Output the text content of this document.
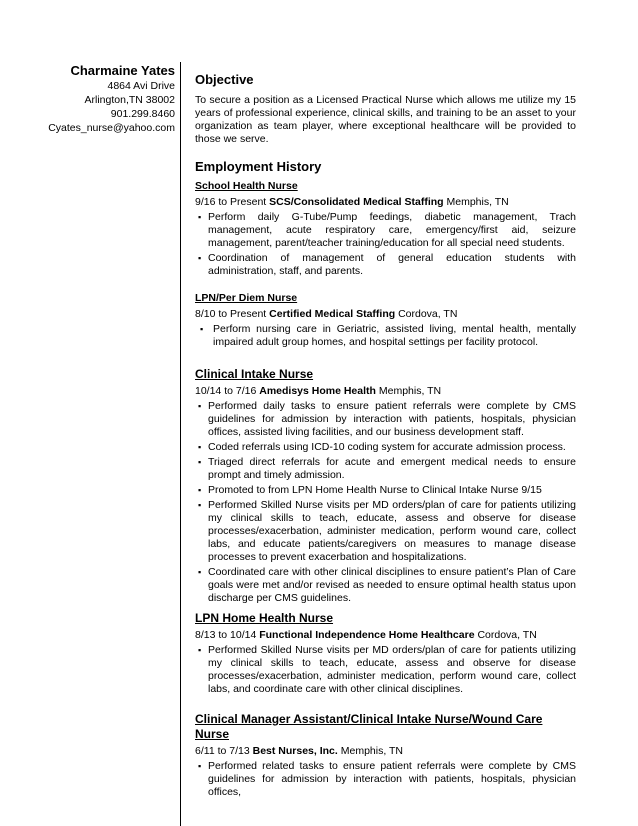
Charmaine Yates
4864 Avi Drive
Arlington,TN 38002
901.299.8460
Cyates_nurse@yahoo.com
Objective
To secure a position as a Licensed Practical Nurse which allows me utilize my 15 years of professional experience, clinical skills, and training to be an asset to your organization as team player, where exceptional healthcare will be provided to those we serve.
Employment History
School Health Nurse
9/16 to Present SCS/Consolidated Medical Staffing Memphis, TN
▪ Perform daily G-Tube/Pump feedings, diabetic management, Trach management, acute respiratory care, emergency/first aid, seizure management, parent/teacher training/education for all special need students.
▪ Coordination of management of general education students with administration, staff, and parents.
LPN/Per Diem Nurse
8/10 to Present Certified Medical Staffing Cordova, TN
▪ Perform nursing care in Geriatric, assisted living, mental health, mentally impaired adult group homes, and hospital settings per facility protocol.
Clinical Intake Nurse
10/14 to 7/16 Amedisys Home Health Memphis, TN
▪ Performed daily tasks to ensure patient referrals were complete by CMS guidelines for admission by interaction with patients, hospitals, physician offices, assisted living facilities, and our business development staff.
▪ Coded referrals using ICD-10 coding system for accurate admission process.
▪ Triaged direct referrals for acute and emergent medical needs to ensure prompt and timely admission.
▪ Promoted to from LPN Home Health Nurse to Clinical Intake Nurse 9/15
▪ Performed Skilled Nurse visits per MD orders/plan of care for patients utilizing my clinical skills to teach, educate, assess and observe for disease processes/exacerbation, administer medication, perform wound care, collect labs, and educate patients/caregivers on measures to manage disease processes to prevent exacerbation and hospitalizations.
▪ Coordinated care with other clinical disciplines to ensure patient’s Plan of Care goals were met and/or revised as needed to ensure optimal health status upon discharge per CMS guidelines.
LPN Home Health Nurse
8/13 to 10/14 Functional Independence Home Healthcare Cordova, TN
▪ Performed Skilled Nurse visits per MD orders/plan of care for patients utilizing my clinical skills to teach, educate, assess and observe for disease processes/exacerbation, administer medication, perform wound care, collect labs, and coordinate care with other clinical disciplines.
Clinical Manager Assistant/Clinical Intake Nurse/Wound Care Nurse
6/11 to 7/13 Best Nurses, Inc. Memphis, TN
▪ Performed related tasks to ensure patient referrals were complete by CMS guidelines for admission by interaction with patients, hospitals, physician offices,
